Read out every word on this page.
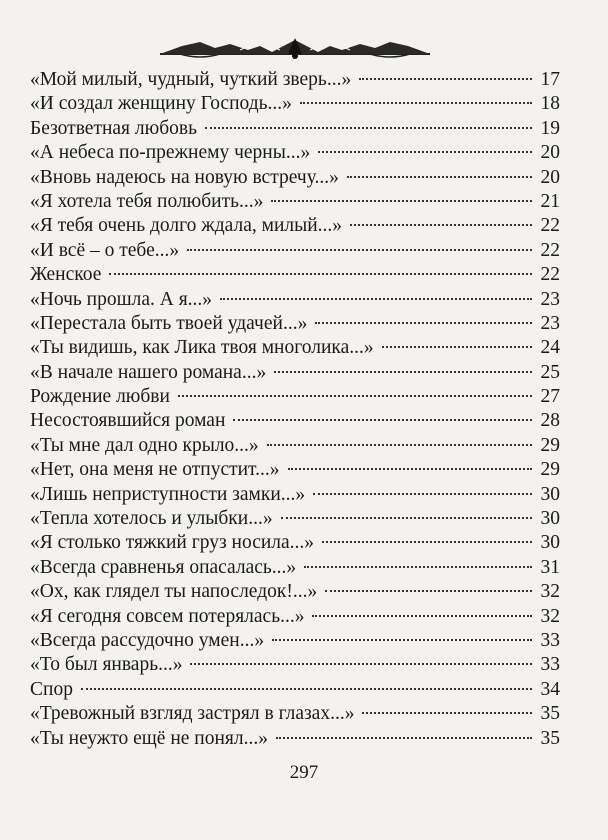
«Мой милый, чудный, чуткий зверь...»	17
«И создал женщину Господь...»	18
Безответная любовь	19
«А небеса по-прежнему черны...»	20
«Вновь надеюсь на новую встречу...»	20
«Я хотела тебя полюбить...»	21
«Я тебя очень долго ждала, милый...»	22
«И всё – о тебе...»	22
Женское	22
«Ночь прошла. А я...»	23
«Перестала быть твоей удачей...»	23
«Ты видишь, как Лика твоя многолика...»	24
«В начале нашего романа...»	25
Рождение любви	27
Несостоявшийся роман	28
«Ты мне дал одно крыло...»	29
«Нет, она меня не отпустит...»	29
«Лишь неприступности замки...»	30
«Тепла хотелось и улыбки...»	30
«Я столько тяжкий груз носила...»	30
«Всегда сравненья опасалась...»	31
«Ох, как глядел ты напоследок!...»	32
«Я сегодня совсем потерялась...»	32
«Всегда рассудочно умен...»	33
«То был январь...»	33
Спор	34
«Тревожный взгляд застрял в глазах...»	35
«Ты неужто ещё не понял...»	35
297
